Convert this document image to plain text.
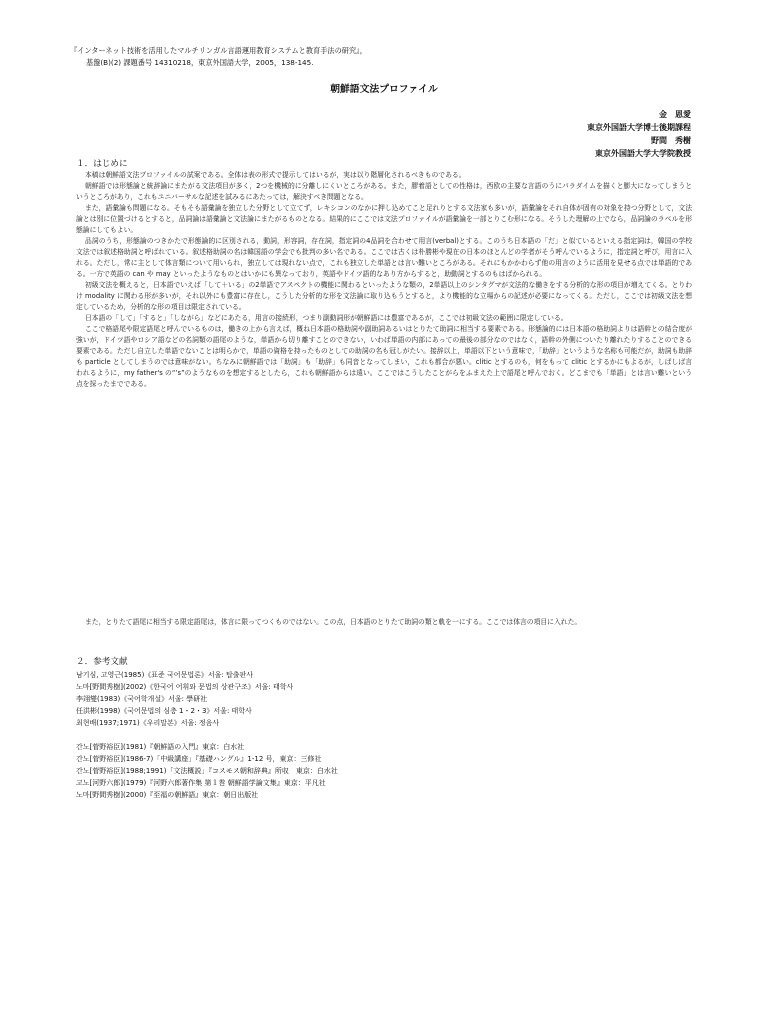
『インターネット技術を活用したマルチリンガル言語運用教育システムと教育手法の研究』，
基盤(B)(2) 課題番号 14310218，東京外国語大学，2005，138-145.
朝鮮語文法プロファイル
金　恩愛
東京外国語大学博士後期課程
野間　秀樹
東京外国語大学大学院教授
１．はじめに

本稿は朝鮮語文法プロファイルの試案である。全体は表の形式で提示してはいるが，実は以り階層化されるべきものである。

朝鮮語では形態論と統辞論にまたがる文法項目が多く，2つを機械的に分離しにくいところがある。また，膠着語としての性格は，西欧の主要な言語のうにパラダイムを描くと膨大になってしまうというところがあり，これもユニバーサルな記述を試みるにあたっては，解決すべき問題となる。

また，語彙論も問題になる。そもそも語彙論を独立した分野として立てず，レキシコンのなかに押し込めてこと足れりとする文法家も多いが，語彙論をそれ自体が固有の対象を持つ分野として，文法論とは別に位置づけるとすると，品詞論は語彙論と文法論にまたがるものとなる。結果的にここでは文法プロファイルが語彙論を一部とりこむ形になる。そうした理解の上でなら，品詞論のラベルを形態論にしてもよい。

品詞のうち，形態論のつきかたで形態論的に区別される，動詞，形容詞，存在詞，指定詞の4品詞を合わせて用言(verbal)とする。このうち日本語の「だ」と似ているといえる指定詞は，韓国の学校文法では叙述格助詞と呼ばれている。叙述格助詞の名は韓国語の学会でも批判の多い名である。ここでは古くは朴勝彬や現在の日本のほとんどの学者がそう呼んでいるように，指定詞と呼び，用言に入れる。ただし，常に主として体言類について用いられ，独立しては現れない点で，これも独立した単語とは言い難いところがある。それにもかかわらず他の用言のように活用を見せる点では単語的である。一方で英語の can や may といったようなものとはいかにも異なっており，英語やドイツ語的なあり方からすると，助動詞とするのもはばかられる。

初級文法を概えると，日本語でいえば「して＋いる」の2単語でアスペクトの機能に関わるといったような類の，2単語以上のシンタグマが文法的な働きをする分析的な形の項目が増えてくる。とりわけ modality に関わる形が多いが，それ以外にも豊富に存在し，こうした分析的な形を文法論に取り込もうとすると，より機能的な立場からの記述が必要になってくる。ただし，ここでは初級文法を想定しているため，分析的な形の項目は限定されている。

日本語の「して」「すると」「しながら」などにあたる，用言の接続形，つまり副動詞形が朝鮮語には豊富であるが，ここでは初級文法の範囲に限定している。

ここで格語尾や限定語尾と呼んでいるものは，働きの上から言えば，概ね日本語の格助詞や副助詞あるいはとりたて助詞に相当する要素である。形態論的には日本語の格助詞よりは語幹との結合度が強いが，ドイツ語やロシア語などの名詞類の語尾のような，単語から切り離すことのできない，いわば単語の内部にあっての最後の部分なのではなく，語幹の外側についたり離れたりすることのできる要素である。ただし自立した単語でないことは明らかで，単語の資格を持ったものとしての助詞の名も冠しがたい。接辞以上，単語以下という意味で，「助辞」というような名称も可能だが，助詞も助辞も particle としてしまうのでは意味がない。ちなみに朝鮮語では「助詞」も「助辞」も同音となってしまい，これも都合が悪い。clitic とするのも，何をもって clitic とするかにもよるが，しばしば言われるように，my father's の“’s”のようなものを想定するとしたら，これも朝鮮語からは遠い。ここではこうしたことがらをふまえた上で語尾と呼んでおく。どこまでも「単語」とは言い難いという点を採ったまでである。

また，とりたて語尾に相当する限定語尾は，体言に限ってつくものではない。この点，日本語のとりたて助詞の類と軌を一にする。ここでは体言の項目に入れた。

２．参考文献
남기심, 고영근(1985)《표준 국어문법론》서울: 탑출판사
노마[野間秀樹](2002)《한국어 어휘와 문법의 상관구조》서울: 태학사
李翊燮(1983)《국어학개설》서울: 學研社
任洪彬(1998)《국어문법의 심층 1・2・3》서울: 태학사
최현배(1937;1971)《우리말본》서울: 정음사
간노[菅野裕臣](1981)『朝鮮語の入門』東京：白水社
간노[菅野裕臣](1986-7)「中級講座」『基礎ハングル』1-12 号，東京：三修社
간노[菅野裕臣](1988;1991)「文法概説」『コスモス朝和辞典』所収　東京：白水社
고노[河野六郎](1979)『河野六郎著作集 第１巻 朝鮮語学論文集』東京：平凡社
노마[野間秀樹](2000)『至福の朝鮮語』東京：朝日出版社
